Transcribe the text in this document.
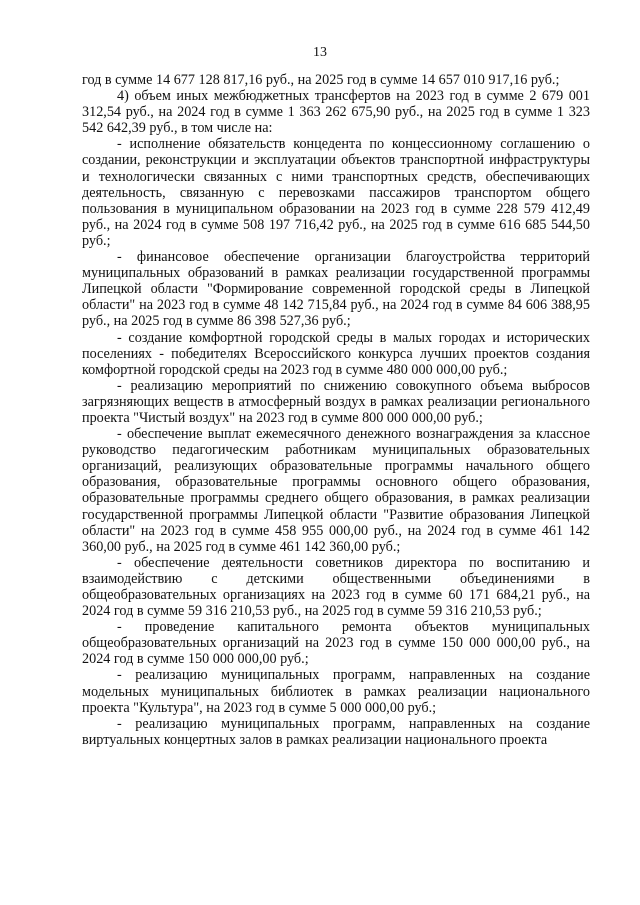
13

год в сумме 14 677 128 817,16 руб., на 2025 год в сумме 14 657 010 917,16 руб.;

4) объем иных межбюджетных трансфертов на 2023 год в сумме 2 679 001 312,54 руб., на 2024 год в сумме 1 363 262 675,90 руб., на 2025 год в сумме 1 323 542 642,39 руб., в том числе на:

- исполнение обязательств концедента по концессионному соглашению о создании, реконструкции и эксплуатации объектов транспортной инфраструктуры и технологически связанных с ними транспортных средств, обеспечивающих деятельность, связанную с перевозками пассажиров транспортом общего пользования в муниципальном образовании на 2023 год в сумме 228 579 412,49 руб., на 2024 год в сумме 508 197 716,42 руб., на 2025 год в сумме 616 685 544,50 руб.;

- финансовое обеспечение организации благоустройства территорий муниципальных образований в рамках реализации государственной программы Липецкой области "Формирование современной городской среды в Липецкой области" на 2023 год в сумме 48 142 715,84 руб., на 2024 год в сумме 84 606 388,95 руб., на 2025 год в сумме 86 398 527,36 руб.;

- создание комфортной городской среды в малых городах и исторических поселениях - победителях Всероссийского конкурса лучших проектов создания комфортной городской среды на 2023 год в сумме 480 000 000,00 руб.;

- реализацию мероприятий по снижению совокупного объема выбросов загрязняющих веществ в атмосферный воздух в рамках реализации регионального проекта "Чистый воздух" на 2023 год в сумме 800 000 000,00 руб.;

- обеспечение выплат ежемесячного денежного вознаграждения за классное руководство педагогическим работникам муниципальных образовательных организаций, реализующих образовательные программы начального общего образования, образовательные программы основного общего образования, образовательные программы среднего общего образования, в рамках реализации государственной программы Липецкой области "Развитие образования Липецкой области" на 2023 год в сумме 458 955 000,00 руб., на 2024 год в сумме 461 142 360,00 руб., на 2025 год в сумме 461 142 360,00 руб.;

- обеспечение деятельности советников директора по воспитанию и взаимодействию с детскими общественными объединениями в общеобразовательных организациях на 2023 год в сумме 60 171 684,21 руб., на 2024 год в сумме 59 316 210,53 руб., на 2025 год в сумме 59 316 210,53 руб.;

- проведение капитального ремонта объектов муниципальных общеобразовательных организаций на 2023 год в сумме 150 000 000,00 руб., на 2024 год в сумме 150 000 000,00 руб.;

- реализацию муниципальных программ, направленных на создание модельных муниципальных библиотек в рамках реализации национального проекта "Культура", на 2023 год в сумме 5 000 000,00 руб.;

- реализацию муниципальных программ, направленных на создание виртуальных концертных залов в рамках реализации национального проекта
